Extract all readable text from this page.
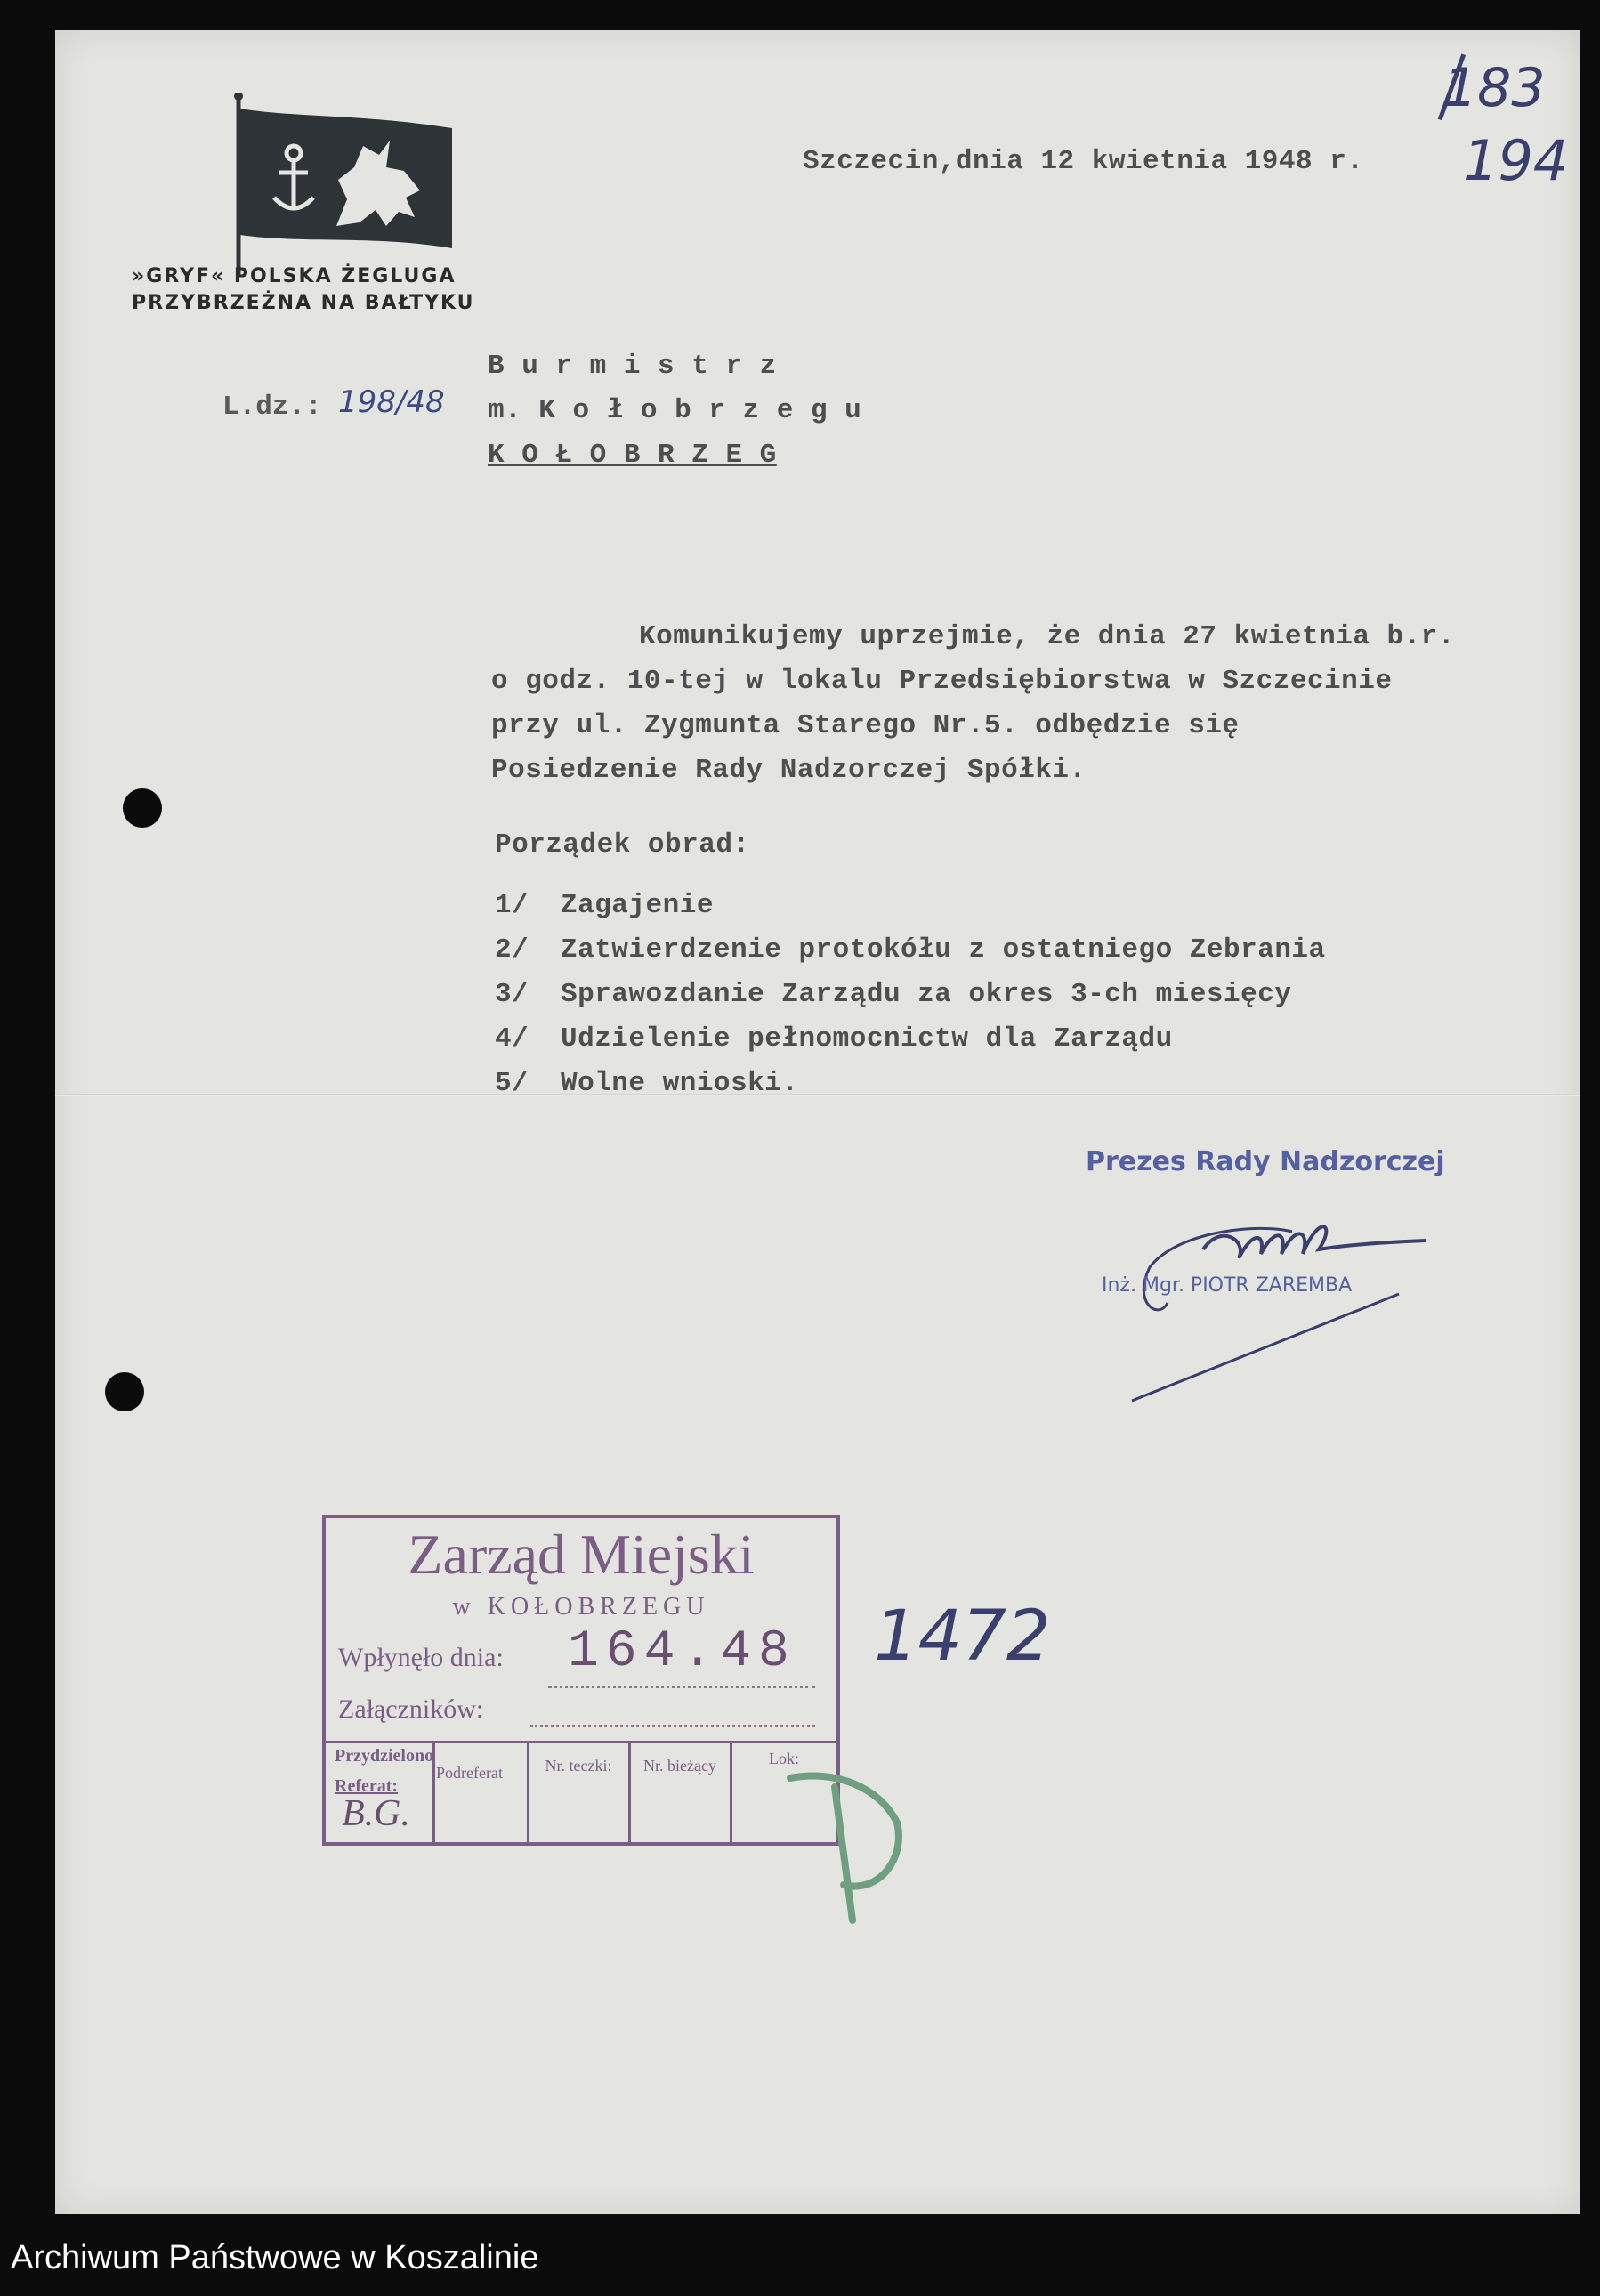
»GRYF« POLSKA ŻEGLUGA
PRZYBRZEŻNA NA BAŁTYKU
183
194
Szczecin,dnia 12 kwietnia 1948 r.
L.dz.: 198/48
B u r m i s t r z
m. K o ł o b r z e g u
K O Ł O B R Z E G
Komunikujemy uprzejmie, że dnia 27 kwietnia b.r.
o godz. 10-tej w lokalu Przedsiębiorstwa w Szczecinie
przy ul. Zygmunta Starego Nr.5. odbędzie się
Posiedzenie Rady Nadzorczej Spółki.
Porządek obrad:
1/ Zagajenie
2/ Zatwierdzenie protokółu z ostatniego Zebrania
3/ Sprawozdanie Zarządu za okres 3-ch miesięcy
4/ Udzielenie pełnomocnictw dla Zarządu
5/ Wolne wnioski.
Prezes Rady Nadzorczej
Inż. Mgr. PIOTR ZAREMBA
Zarząd Miejski
w KOŁOBRZEGU
Wpłynęło dnia: 164.48
Załączników:
Przydzielono
Referat:
B.G.
Podreferat	Nr. teczki:	Nr. bieżący	Lok:
1472
Archiwum Państwowe w Koszalinie
